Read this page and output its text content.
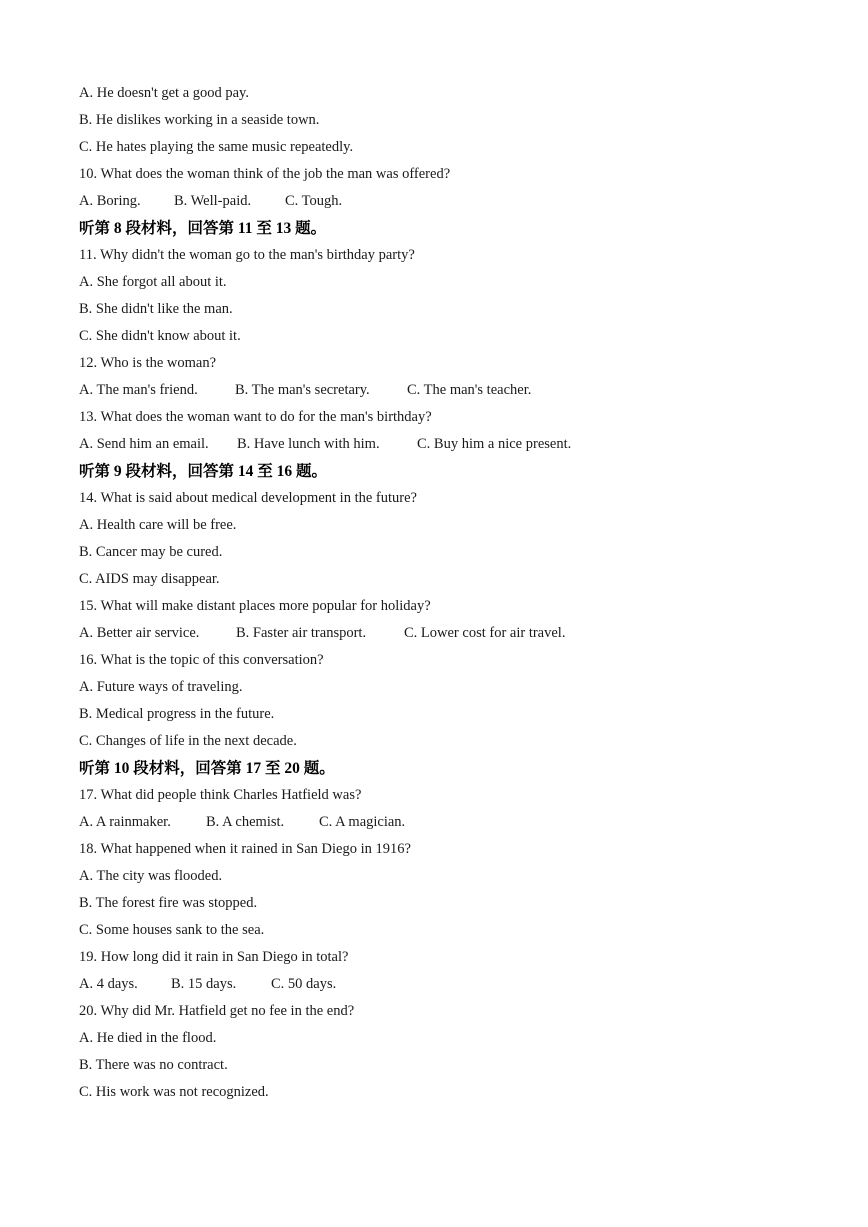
A. He doesn't get a good pay.
B. He dislikes working in a seaside town.
C. He hates playing the same music repeatedly.
10. What does the woman think of the job the man was offered?
A. Boring. B. Well-paid. C. Tough.
听第 8 段材料，回答第 11 至 13 题。
11. Why didn't the woman go to the man's birthday party?
A. She forgot all about it.
B. She didn't like the man.
C. She didn't know about it.
12. Who is the woman?
A. The man's friend.	B. The man's secretary.	C. The man's teacher.
13. What does the woman want to do for the man's birthday?
A. Send him an email. B. Have lunch with him.	C. Buy him a nice present.
听第 9 段材料，回答第 14 至 16 题。
14. What is said about medical development in the future?
A. Health care will be free.
B. Cancer may be cured.
C. AIDS may disappear.
15. What will make distant places more popular for holiday?
A. Better air service.	B. Faster air transport.	C. Lower cost for air travel.
16. What is the topic of this conversation?
A. Future ways of traveling.
B. Medical progress in the future.
C. Changes of life in the next decade.
听第 10 段材料，回答第 17 至 20 题。
17. What did people think Charles Hatfield was?
A. A rainmaker. B. A chemist. C. A magician.
18. What happened when it rained in San Diego in 1916?
A. The city was flooded.
B. The forest fire was stopped.
C. Some houses sank to the sea.
19. How long did it rain in San Diego in total?
A. 4 days. B. 15 days. C. 50 days.
20. Why did Mr. Hatfield get no fee in the end?
A. He died in the flood.
B. There was no contract.
C. His work was not recognized.
